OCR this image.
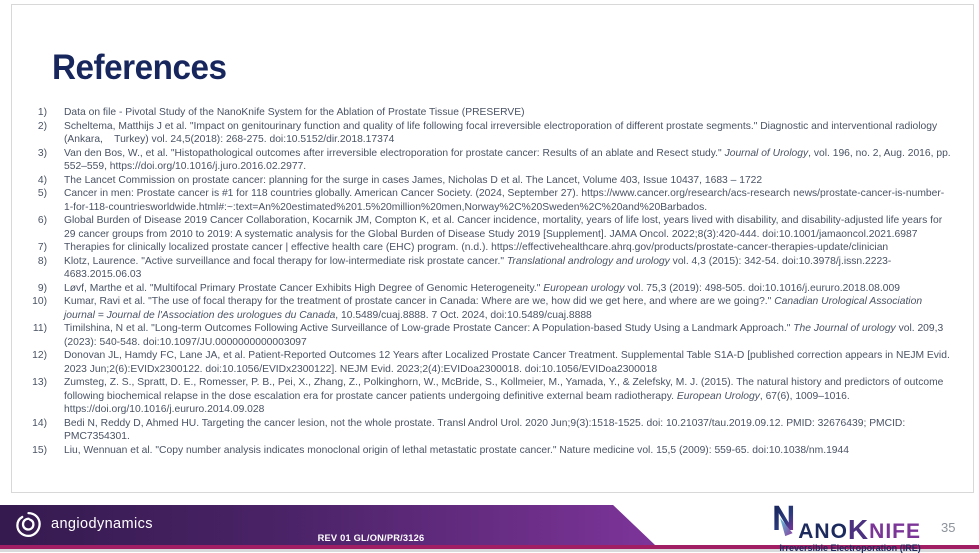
References
1) Data on file - Pivotal Study of the NanoKnife System for the Ablation of Prostate Tissue (PRESERVE)
2) Scheltema, Matthijs J et al. "Impact on genitourinary function and quality of life following focal irreversible electroporation of different prostate segments." Diagnostic and interventional radiology (Ankara,    Turkey) vol. 24,5(2018): 268-275. doi:10.5152/dir.2018.17374
3) Van den Bos, W., et al. "Histopathological outcomes after irreversible electroporation for prostate cancer: Results of an ablate and Resect study." Journal of Urology, vol. 196, no. 2, Aug. 2016, pp. 552–559, https://doi.org/10.1016/j.juro.2016.02.2977.
4) The Lancet Commission on prostate cancer: planning for the surge in cases James, Nicholas D et al. The Lancet, Volume 403, Issue 10437, 1683 – 1722
5) Cancer in men: Prostate cancer is #1 for 118 countries globally. American Cancer Society. (2024, September 27). https://www.cancer.org/research/acs-research news/prostate-cancer-is-number-1-for-118-countriesworldwide.html#:~:text=An%20estimated%201.5%20million%20men,Norway%2C%20Sweden%2C%20and%20Barbados.
6) Global Burden of Disease 2019 Cancer Collaboration, Kocarnik JM, Compton K, et al. Cancer incidence, mortality, years of life lost, years lived with disability, and disability-adjusted life years for 29 cancer groups from 2010 to 2019: A systematic analysis for the Global Burden of Disease Study 2019 [Supplement]. JAMA Oncol. 2022;8(3):420-444. doi:10.1001/jamaoncol.2021.6987
7) Therapies for clinically localized prostate cancer | effective health care (EHC) program. (n.d.). https://effectivehealthcare.ahrq.gov/products/prostate-cancer-therapies-update/clinician
8) Klotz, Laurence. "Active surveillance and focal therapy for low-intermediate risk prostate cancer." Translational andrology and urology vol. 4,3 (2015): 342-54. doi:10.3978/j.issn.2223-4683.2015.06.03
9) Løvf, Marthe et al. "Multifocal Primary Prostate Cancer Exhibits High Degree of Genomic Heterogeneity." European urology vol. 75,3 (2019): 498-505. doi:10.1016/j.eururo.2018.08.009
10) Kumar, Ravi et al. "The use of focal therapy for the treatment of prostate cancer in Canada: Where are we, how did we get here, and where are we going?." Canadian Urological Association journal = Journal de l'Association des urologues du Canada, 10.5489/cuaj.8888. 7 Oct. 2024, doi:10.5489/cuaj.8888
11) Timilshina, N et al. "Long-term Outcomes Following Active Surveillance of Low-grade Prostate Cancer: A Population-based Study Using a Landmark Approach." The Journal of urology vol. 209,3 (2023): 540-548. doi:10.1097/JU.0000000000003097
12) Donovan JL, Hamdy FC, Lane JA, et al. Patient-Reported Outcomes 12 Years after Localized Prostate Cancer Treatment. Supplemental Table S1A-D [published correction appears in NEJM Evid. 2023 Jun;2(6):EVIDx2300122. doi:10.1056/EVIDx2300122]. NEJM Evid. 2023;2(4):EVIDoa2300018. doi:10.1056/EVIDoa2300018
13) Zumsteg, Z. S., Spratt, D. E., Romesser, P. B., Pei, X., Zhang, Z., Polkinghorn, W., McBride, S., Kollmeier, M., Yamada, Y., & Zelefsky, M. J. (2015). The natural history and predictors of outcome following biochemical relapse in the dose escalation era for prostate cancer patients undergoing definitive external beam radiotherapy. European Urology, 67(6), 1009–1016. https://doi.org/10.1016/j.eururo.2014.09.028
14) Bedi N, Reddy D, Ahmed HU. Targeting the cancer lesion, not the whole prostate. Transl Androl Urol. 2020 Jun;9(3):1518-1525. doi: 10.21037/tau.2019.09.12. PMID: 32676439; PMCID: PMC7354301.
15) Liu, Wennuan et al. "Copy number analysis indicates monoclonal origin of lethal metastatic prostate cancer." Nature medicine vol. 15,5 (2009): 559-65. doi:10.1038/nm.1944
angiodynamics
REV 01 GL/ON/PR/3126	ANO K NIFE
Irreversible Electroporation (IRE)
35
